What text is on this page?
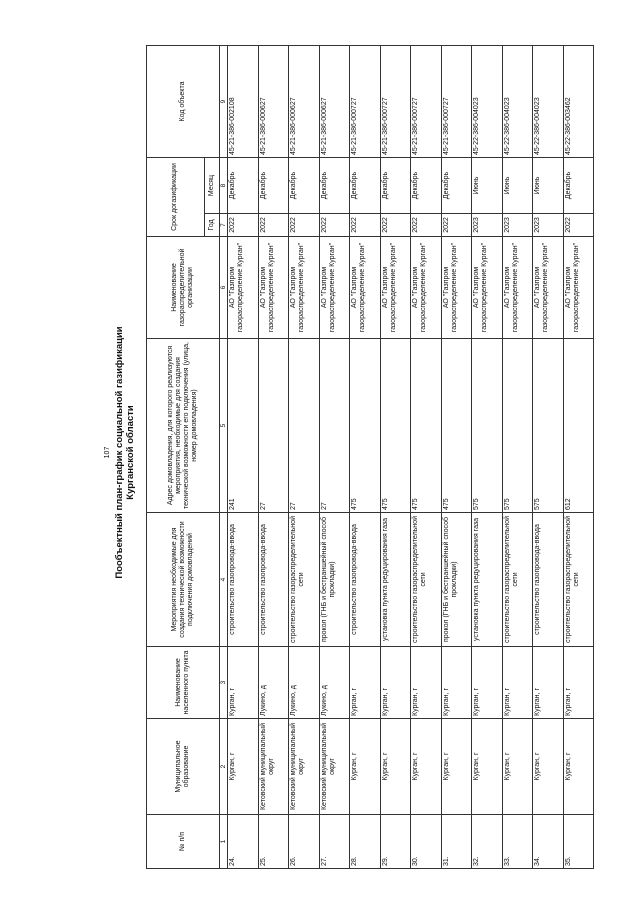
107 Пообъектный план-график социальной газификации Курганской области
№ п/п	Муниципальное образование	Наименование населенного пункта	Мероприятия необходимые для создания технической возможности подключения домовладений	Адрес домовладения, для которого реализуются мероприятия, необходимые для создания технической возможности его подключения (улица, номер домовладения)	Наименование газораспределительной организации	Срок догазификации		Код объекта
						Год	Месяц	
1	2	3	4	5	6	7	8	9
24.	Курган, г	Курган, г	строительство газопровода-ввода	241	АО "Газпром газораспределение Курган"	2022	Декабрь	45-21-386-002108
25.	Кетовский муниципальный округ	Лукино, д	строительство газопровода-ввода	27	АО "Газпром газораспределение Курган"	2022	Декабрь	45-21-386-000627
26.	Кетовский муниципальный округ	Лукино, д	строительство газораспределительной сети	27	АО "Газпром газораспределение Курган"	2022	Декабрь	45-21-386-000627
27.	Кетовский муниципальный округ	Лукино, д	прокол (ГНБ и бестраншейный способ прокладки)	27	АО "Газпром газораспределение Курган"	2022	Декабрь	45-21-386-000627
28.	Курган, г	Курган, г	строительство газопровода-ввода	475	АО "Газпром газораспределение Курган"	2022	Декабрь	45-21-386-000727
29.	Курган, г	Курган, г	установка пункта редуцирования газа	475	АО "Газпром газораспределение Курган"	2022	Декабрь	45-21-386-000727
30.	Курган, г	Курган, г	строительство газораспределительной сети	475	АО "Газпром газораспределение Курган"	2022	Декабрь	45-21-386-000727
31.	Курган, г	Курган, г	прокол (ГНБ и бестраншейный способ прокладки)	475	АО "Газпром газораспределение Курган"	2022	Декабрь	45-21-386-000727
32.	Курган, г	Курган, г	установка пункта редуцирования газа	575	АО "Газпром газораспределение Курган"	2023	Июнь	45-22-386-004023
33.	Курган, г	Курган, г	строительство газораспределительной сети	575	АО "Газпром газораспределение Курган"	2023	Июнь	45-22-386-004023
34.	Курган, г	Курган, г	строительство газопровода-ввода	575	АО "Газпром газораспределение Курган"	2023	Июнь	45-22-386-004023
35.	Курган, г	Курган, г	строительство газораспределительной сети	612	АО "Газпром газораспределение Курган"	2022	Декабрь	45-22-386-003462
